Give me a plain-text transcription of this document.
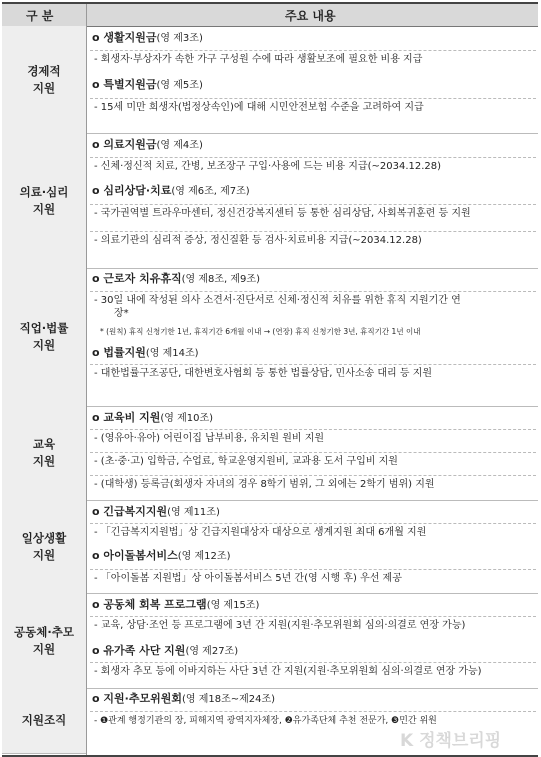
구 분	주요 내용
경제적
지원
o 생활지원금(영 제3조)
- 회생자·부상자가 속한 가구 구성원 수에 따라 생활보조에 필요한 비용 지급
o 특별지원금(영 제5조)
- 15세 미만 희생자(법정상속인)에 대해 시민안전보험 수준을 고려하여 지급
의료·심리
지원
o 의료지원금(영 제4조)
- 신체·정신적 치료, 간병, 보조장구 구입·사용에 드는 비용 지급(~2034.12.28)
o 심리상담·치료(영 제6조, 제7조)
- 국가권역별 트라우마센터, 정신건강복지센터 등 통한 심리상담, 사회복귀훈련 등 지원
- 의료기관의 심리적 증상, 정신질환 등 검사·치료비용 지급(~2034.12.28)
직업·법률
지원
o 근로자 치유휴직(영 제8조, 제9조)
- 30일 내에 작성된 의사 소견서·진단서로 신체·정신적 치유를 위한 휴직 지원기간 연
장*
* (원칙) 휴직 신청기한 1년, 휴직기간 6개월 이내 → (연장) 휴직 신청기한 3년, 휴직기간 1년 이내
o 법률지원(영 제14조)
- 대한법률구조공단, 대한변호사협회 등 통한 법률상담, 민사소송 대리 등 지원
교육
지원
o 교육비 지원(영 제10조)
- (영유아·유아) 어린이집 납부비용, 유치원 원비 지원
- (초·중·고) 입학금, 수업료, 학교운영지원비, 교과용 도서 구입비 지원
- (대학생) 등록금(회생자 자녀의 경우 8학기 범위, 그 외에는 2학기 범위) 지원
일상생활
지원
o 긴급복지지원(영 제11조)
- 「긴급복지지원법」상 긴급지원대상자 대상으로 생계지원 최대 6개월 지원
o 아이돌봄서비스(영 제12조)
- 「아이돌봄 지원법」상 아이돌봄서비스 5년 간(영 시행 후) 우선 제공
공동체·추모
지원
o 공동체 회복 프로그램(영 제15조)
- 교육, 상담·조언 등 프로그램에 3년 간 지원(지원·추모위원회 심의·의결로 연장 가능)
o 유가족 사단 지원(영 제27조)
- 회생자 추모 등에 이바지하는 사단 3년 간 지원(지원·추모위원회 심의·의결로 연장 가능)
지원조직
o 지원·추모위원회(영 제18조~제24조)
- ❶관계 행정기관의 장, 피해지역 광역지자체장, ❷유가족단체 추천 전문가, ❸민간 위원
K 정책브리핑
